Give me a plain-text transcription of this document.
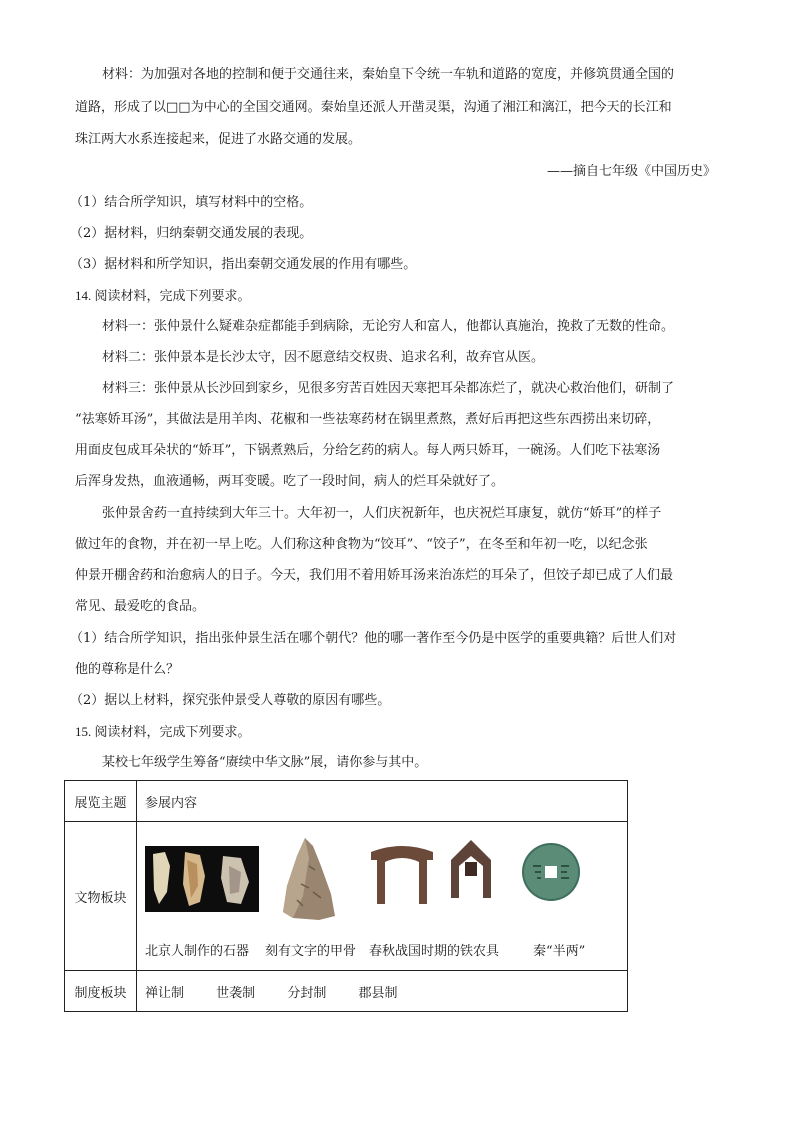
材料：为加强对各地的控制和便于交通往来，秦始皇下令统一车轨和道路的宽度，并修筑贯通全国的
道路，形成了以□□为中心的全国交通网。秦始皇还派人开凿灵渠，沟通了湘江和漓江，把今天的长江和
珠江两大水系连接起来，促进了水路交通的发展。
——摘自七年级《中国历史》
（1）结合所学知识，填写材料中的空格。
（2）据材料，归纳秦朝交通发展的表现。
（3）据材料和所学知识，指出秦朝交通发展的作用有哪些。
14. 阅读材料，完成下列要求。
材料一：张仲景什么疑难杂症都能手到病除，无论穷人和富人，他都认真施治，挽救了无数的性命。
材料二：张仲景本是长沙太守，因不愿意结交权贵、追求名利，故弃官从医。
材料三：张仲景从长沙回到家乡，见很多穷苦百姓因天寒把耳朵都冻烂了，就决心救治他们，研制了
“祛寒娇耳汤”，其做法是用羊肉、花椒和一些祛寒药材在锅里煮熬，煮好后再把这些东西捞出来切碎，
用面皮包成耳朵状的“娇耳”，下锅煮熟后，分给乞药的病人。每人两只娇耳，一碗汤。人们吃下祛寒汤
后浑身发热，血液通畅，两耳变暖。吃了一段时间，病人的烂耳朵就好了。
张仲景舍药一直持续到大年三十。大年初一，人们庆祝新年，也庆祝烂耳康复，就仿“娇耳”的样子
做过年的食物，并在初一早上吃。人们称这种食物为“饺耳”、“饺子”，在冬至和年初一吃，以纪念张
仲景开棚舍药和治愈病人的日子。今天，我们用不着用娇耳汤来治冻烂的耳朵了，但饺子却已成了人们最
常见、最爱吃的食品。
（1）结合所学知识，指出张仲景生活在哪个朝代？他的哪一著作至今仍是中医学的重要典籍？后世人们对
他的尊称是什么？
（2）据以上材料，探究张仲景受人尊敬的原因有哪些。
15. 阅读材料，完成下列要求。
某校七年级学生筹备“赓续中华文脉”展，请你参与其中。
展览主题	参展内容
文物板块	北京人制作的石器 刻有文字的甲骨 春秋战国时期的铁农具 秦“半两”

制度板块	禅让制 世袭制 分封制 郡县制
